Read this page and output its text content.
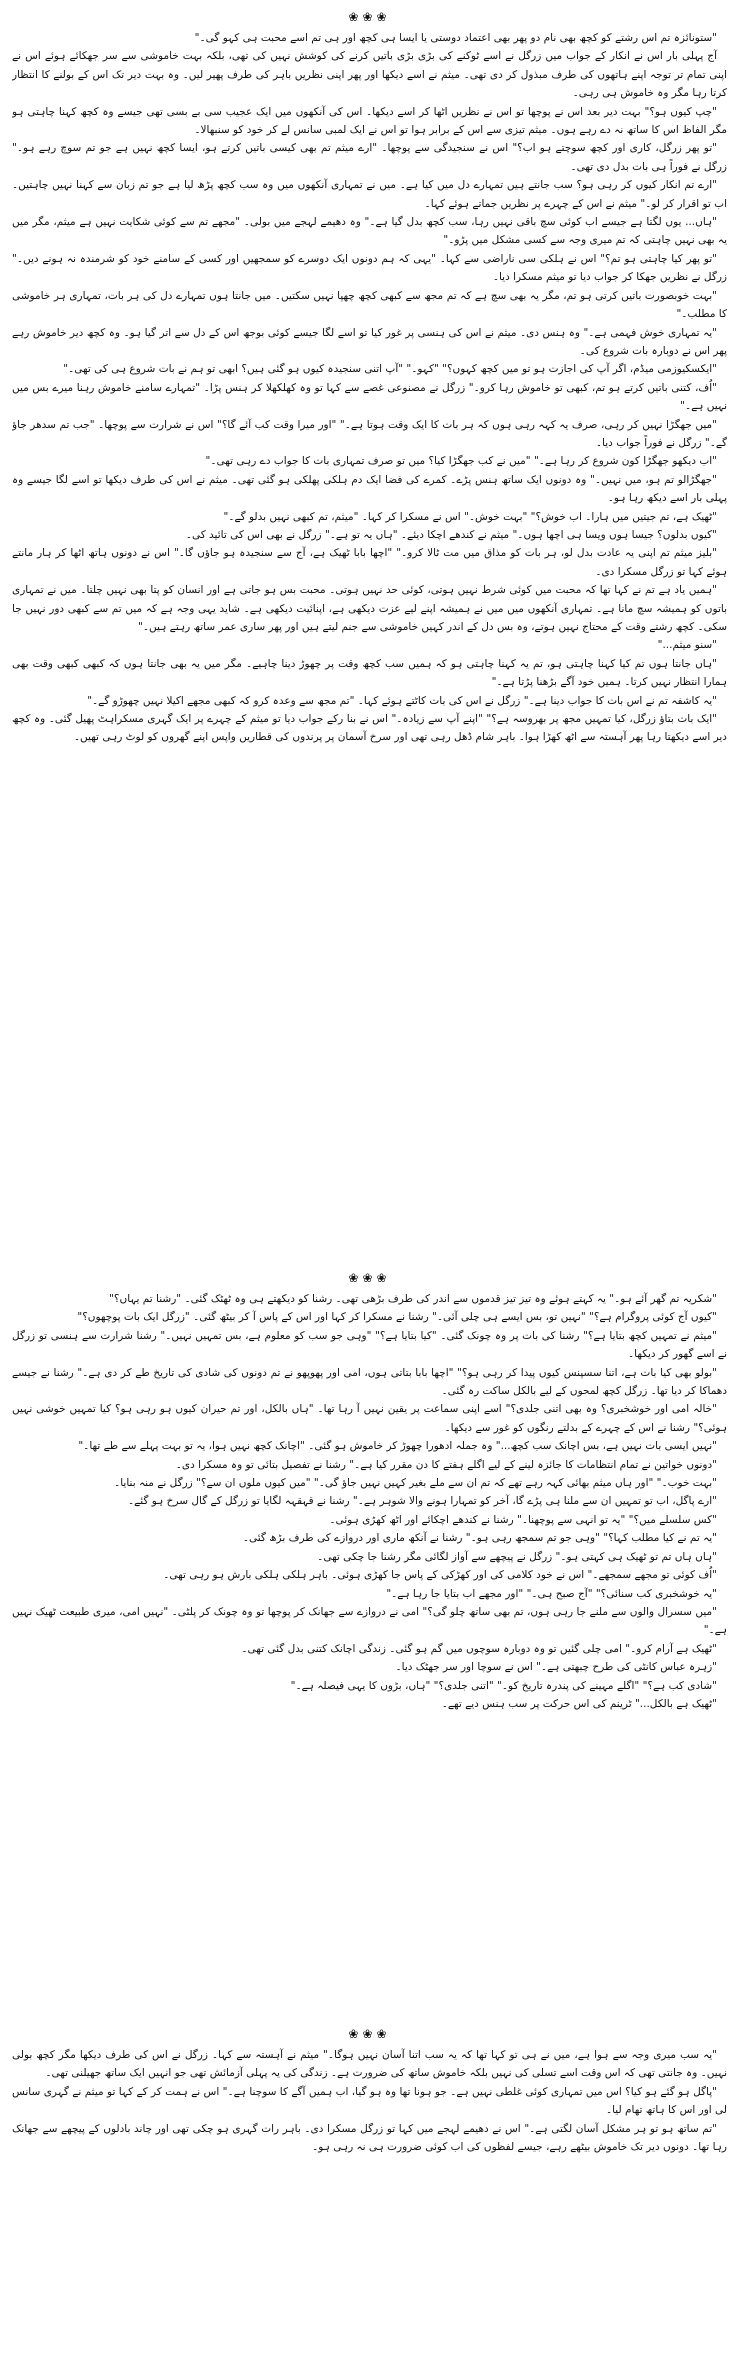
❀❀❀

"ستونائزہ تم اس رشتے کو کچھ بھی نام دو پھر بھی اعتماد دوستی یا ایسا ہی کچھ اور ہی تم اسے محبت ہی کہو گی۔"

آج پہلی بار اس نے انکار کے جواب میں زرگل نے اسے ٹوکنے کی بڑی بڑی باتیں کرنے کی کوشش نہیں کی تھی، بلکہ بہت خاموشی سے سر جھکائے ہوئے اس نے اپنی تمام تر توجہ اپنے ہاتھوں کی طرف مبذول کر دی تھی۔ میثم نے اسے دیکھا اور پھر اپنی نظریں باہر کی طرف پھیر لیں۔ وہ بہت دیر تک اس کے بولنے کا انتظار کرتا رہا مگر وہ خاموش ہی رہی۔

"چپ کیوں ہو؟" بہت دیر بعد اس نے پوچھا تو اس نے نظریں اٹھا کر اسے دیکھا۔ اس کی آنکھوں میں ایک عجیب سی بے بسی تھی جیسے وہ کچھ کہنا چاہتی ہو مگر الفاظ اس کا ساتھ نہ دے رہے ہوں۔ میثم تیزی سے اس کے برابر ہوا تو اس نے ایک لمبی سانس لے کر خود کو سنبھالا۔

"تو پھر زرگل، کاری اور کچھ سوچتے ہو اب؟" اس نے سنجیدگی سے پوچھا۔ "ارے میثم تم بھی کیسی باتیں کرتے ہو، ایسا کچھ نہیں ہے جو تم سوچ رہے ہو۔" زرگل نے فوراً ہی بات بدل دی تھی۔

"ارے تم انکار کیوں کر رہی ہو؟ سب جانتے ہیں تمہارے دل میں کیا ہے۔ میں نے تمہاری آنکھوں میں وہ سب کچھ پڑھ لیا ہے جو تم زبان سے کہنا نہیں چاہتیں۔ اب تو اقرار کر لو۔" میثم نے اس کے چہرے پر نظریں جماتے ہوئے کہا۔

"ہاں... یوں لگتا ہے جیسے اب کوئی سچ باقی نہیں رہا، سب کچھ بدل گیا ہے۔" وہ دھیمے لہجے میں بولی۔ "مجھے تم سے کوئی شکایت نہیں ہے میثم، مگر میں یہ بھی نہیں چاہتی کہ تم میری وجہ سے کسی مشکل میں پڑو۔"

"تو پھر کیا چاہتی ہو تم؟" اس نے ہلکی سی ناراضی سے کہا۔ "یہی کہ ہم دونوں ایک دوسرے کو سمجھیں اور کسی کے سامنے خود کو شرمندہ نہ ہونے دیں۔" زرگل نے نظریں جھکا کر جواب دیا تو میثم مسکرا دیا۔

"بہت خوبصورت باتیں کرتی ہو تم، مگر یہ بھی سچ ہے کہ تم مجھ سے کبھی کچھ چھپا نہیں سکتیں۔ میں جانتا ہوں تمہارے دل کی ہر بات، تمہاری ہر خاموشی کا مطلب۔"

"یہ تمہاری خوش فہمی ہے۔" وہ ہنس دی۔ میثم نے اس کی ہنسی پر غور کیا تو اسے لگا جیسے کوئی بوجھ اس کے دل سے اتر گیا ہو۔ وہ کچھ دیر خاموش رہے پھر اس نے دوبارہ بات شروع کی۔

"ایکسکیوزمی میڈم، اگر آپ کی اجازت ہو تو میں کچھ کہوں؟" "کہو۔" "آپ اتنی سنجیدہ کیوں ہو گئی ہیں؟ ابھی تو ہم نے بات شروع ہی کی تھی۔"

"اُف، کتنی باتیں کرتے ہو تم، کبھی تو خاموش رہا کرو۔" زرگل نے مصنوعی غصے سے کہا تو وہ کھلکھلا کر ہنس پڑا۔ "تمہارے سامنے خاموش رہنا میرے بس میں نہیں ہے۔"

"میں جھگڑا نہیں کر رہی، صرف یہ کہہ رہی ہوں کہ ہر بات کا ایک وقت ہوتا ہے۔" "اور میرا وقت کب آئے گا؟" اس نے شرارت سے پوچھا۔ "جب تم سدھر جاؤ گے۔" زرگل نے فوراً جواب دیا۔

"اب دیکھو جھگڑا کون شروع کر رہا ہے۔" "میں نے کب جھگڑا کیا؟ میں تو صرف تمہاری بات کا جواب دے رہی تھی۔"

"جھگڑالو تم ہو، میں نہیں۔" وہ دونوں ایک ساتھ ہنس پڑے۔ کمرے کی فضا ایک دم ہلکی پھلکی ہو گئی تھی۔ میثم نے اس کی طرف دیکھا تو اسے لگا جیسے وہ پہلی بار اسے دیکھ رہا ہو۔

"ٹھیک ہے، تم جیتیں میں ہارا۔ اب خوش؟" "بہت خوش۔" اس نے مسکرا کر کہا۔ "میثم، تم کبھی نہیں بدلو گے۔"

"کیوں بدلوں؟ جیسا ہوں ویسا ہی اچھا ہوں۔" میثم نے کندھے اچکا دیئے۔ "ہاں یہ تو ہے۔" زرگل نے بھی اس کی تائید کی۔

"بلیز میثم تم اپنی یہ عادت بدل لو، ہر بات کو مذاق میں مت ٹالا کرو۔" "اچھا بابا ٹھیک ہے، آج سے سنجیدہ ہو جاؤں گا۔" اس نے دونوں ہاتھ اٹھا کر ہار مانتے ہوئے کہا تو زرگل مسکرا دی۔

"ہمیں یاد ہے تم نے کہا تھا کہ محبت میں کوئی شرط نہیں ہوتی، کوئی حد نہیں ہوتی۔ محبت بس ہو جاتی ہے اور انسان کو پتا بھی نہیں چلتا۔ میں نے تمہاری باتوں کو ہمیشہ سچ مانا ہے۔ تمہاری آنکھوں میں میں نے ہمیشہ اپنے لیے عزت دیکھی ہے، اپنائیت دیکھی ہے۔ شاید یہی وجہ ہے کہ میں تم سے کبھی دور نہیں جا سکی۔ کچھ رشتے وقت کے محتاج نہیں ہوتے، وہ بس دل کے اندر کہیں خاموشی سے جنم لیتے ہیں اور پھر ساری عمر ساتھ رہتے ہیں۔"

"سنو میثم..."

"ہاں جانتا ہوں تم کیا کہنا چاہتی ہو، تم یہ کہنا چاہتی ہو کہ ہمیں سب کچھ وقت پر چھوڑ دینا چاہیے۔ مگر میں یہ بھی جانتا ہوں کہ کبھی کبھی وقت بھی ہمارا انتظار نہیں کرتا۔ ہمیں خود آگے بڑھنا پڑتا ہے۔"

"یہ کاشفہ تم نے اس بات کا جواب دینا ہے۔" زرگل نے اس کی بات کاٹتے ہوئے کہا۔ "تم مجھ سے وعدہ کرو کہ کبھی مجھے اکیلا نہیں چھوڑو گے۔"

"ایک بات بتاؤ زرگل، کیا تمہیں مجھ پر بھروسہ ہے؟" "اپنے آپ سے زیادہ۔" اس نے بنا رکے جواب دیا تو میثم کے چہرے پر ایک گہری مسکراہٹ پھیل گئی۔ وہ کچھ دیر اسے دیکھتا رہا پھر آہستہ سے اٹھ کھڑا ہوا۔ باہر شام ڈھل رہی تھی اور سرخ آسمان پر پرندوں کی قطاریں واپس اپنے گھروں کو لوٹ رہی تھیں۔

❀❀❀

"شکریہ تم گھر آئے ہو۔" یہ کہتے ہوئے وہ تیز تیز قدموں سے اندر کی طرف بڑھی تھی۔ رشنا کو دیکھتے ہی وہ ٹھٹک گئی۔ "رشنا تم یہاں؟"

"کیوں آج کوئی پروگرام ہے؟" "نہیں تو، بس ایسے ہی چلی آئی۔" رشنا نے مسکرا کر کہا اور اس کے پاس آ کر بیٹھ گئی۔ "زرگل ایک بات پوچھوں؟"

"میثم نے تمہیں کچھ بتایا ہے؟" رشنا کی بات پر وہ چونک گئی۔ "کیا بتایا ہے؟" "وہی جو سب کو معلوم ہے، بس تمہیں نہیں۔" رشنا شرارت سے ہنسی تو زرگل نے اسے گھور کر دیکھا۔

"بولو بھی کیا بات ہے، اتنا سسپنس کیوں پیدا کر رہی ہو؟" "اچھا بابا بتاتی ہوں، امی اور پھوپھو نے تم دونوں کی شادی کی تاریخ طے کر دی ہے۔" رشنا نے جیسے دھماکا کر دیا تھا۔ زرگل کچھ لمحوں کے لیے بالکل ساکت رہ گئی۔

"خالہ امی اور خوشخبری؟ وہ بھی اتنی جلدی؟" اسے اپنی سماعت پر یقین نہیں آ رہا تھا۔ "ہاں بالکل، اور تم حیران کیوں ہو رہی ہو؟ کیا تمہیں خوشی نہیں ہوئی؟" رشنا نے اس کے چہرے کے بدلتے رنگوں کو غور سے دیکھا۔

"نہیں ایسی بات نہیں ہے، بس اچانک سب کچھ..." وہ جملہ ادھورا چھوڑ کر خاموش ہو گئی۔ "اچانک کچھ نہیں ہوا، یہ تو بہت پہلے سے طے تھا۔"

"دونوں خواتین نے تمام انتظامات کا جائزہ لینے کے لیے اگلے ہفتے کا دن مقرر کیا ہے۔" رشنا نے تفصیل بتائی تو وہ مسکرا دی۔

"بہت خوب۔" "اور ہاں میثم بھائی کہہ رہے تھے کہ تم ان سے ملے بغیر کہیں نہیں جاؤ گی۔" "میں کیوں ملوں ان سے؟" زرگل نے منہ بنایا۔

"ارے پاگل، اب تو تمہیں ان سے ملنا ہی پڑے گا، آخر کو تمہارا ہونے والا شوہر ہے۔" رشنا نے قہقہہ لگایا تو زرگل کے گال سرخ ہو گئے۔

"کس سلسلے میں؟" "یہ تو انہی سے پوچھنا۔" رشنا نے کندھے اچکائے اور اٹھ کھڑی ہوئی۔

"یہ تم نے کیا مطلب کہا؟" "وہی جو تم سمجھ رہی ہو۔" رشنا نے آنکھ ماری اور دروازے کی طرف بڑھ گئی۔

"ہاں ہاں تم تو ٹھیک ہی کہتی ہو۔" زرگل نے پیچھے سے آواز لگائی مگر رشنا جا چکی تھی۔

"اُف کوئی تو مجھے سمجھے۔" اس نے خود کلامی کی اور کھڑکی کے پاس جا کھڑی ہوئی۔ باہر ہلکی ہلکی بارش ہو رہی تھی۔

"یہ خوشخبری کب سنائی؟" "آج صبح ہی۔" "اور مجھے اب بتایا جا رہا ہے۔"

"میں سسرال والوں سے ملنے جا رہی ہوں، تم بھی ساتھ چلو گی؟" امی نے دروازے سے جھانک کر پوچھا تو وہ چونک کر پلٹی۔ "نہیں امی، میری طبیعت ٹھیک نہیں ہے۔"

"ٹھیک ہے آرام کرو۔" امی چلی گئیں تو وہ دوبارہ سوچوں میں گم ہو گئی۔ زندگی اچانک کتنی بدل گئی تھی۔

"زہرہ عباس کانٹی کی طرح چبھتی ہے۔" اس نے سوچا اور سر جھٹک دیا۔

"شادی کب ہے؟" "اگلے مہینے کی پندرہ تاریخ کو۔" "اتنی جلدی؟" "ہاں، بڑوں کا یہی فیصلہ ہے۔"

"ٹھیک ہے بالکل..." ٹرینم کی اس حرکت پر سب ہنس دیے تھے۔

❀❀❀

"یہ سب میری وجہ سے ہوا ہے، میں نے ہی تو کہا تھا کہ یہ سب اتنا آسان نہیں ہوگا۔" میثم نے آہستہ سے کہا۔ زرگل نے اس کی طرف دیکھا مگر کچھ بولی نہیں۔ وہ جانتی تھی کہ اس وقت اسے تسلی کی نہیں بلکہ خاموش ساتھ کی ضرورت ہے۔ زندگی کی یہ پہلی آزمائش تھی جو انہیں ایک ساتھ جھیلنی تھی۔

"پاگل ہو گئے ہو کیا؟ اس میں تمہاری کوئی غلطی نہیں ہے۔ جو ہونا تھا وہ ہو گیا، اب ہمیں آگے کا سوچنا ہے۔" اس نے ہمت کر کے کہا تو میثم نے گہری سانس لی اور اس کا ہاتھ تھام لیا۔

"تم ساتھ ہو تو ہر مشکل آسان لگتی ہے۔" اس نے دھیمے لہجے میں کہا تو زرگل مسکرا دی۔ باہر رات گہری ہو چکی تھی اور چاند بادلوں کے پیچھے سے جھانک رہا تھا۔ دونوں دیر تک خاموش بیٹھے رہے، جیسے لفظوں کی اب کوئی ضرورت ہی نہ رہی ہو۔
